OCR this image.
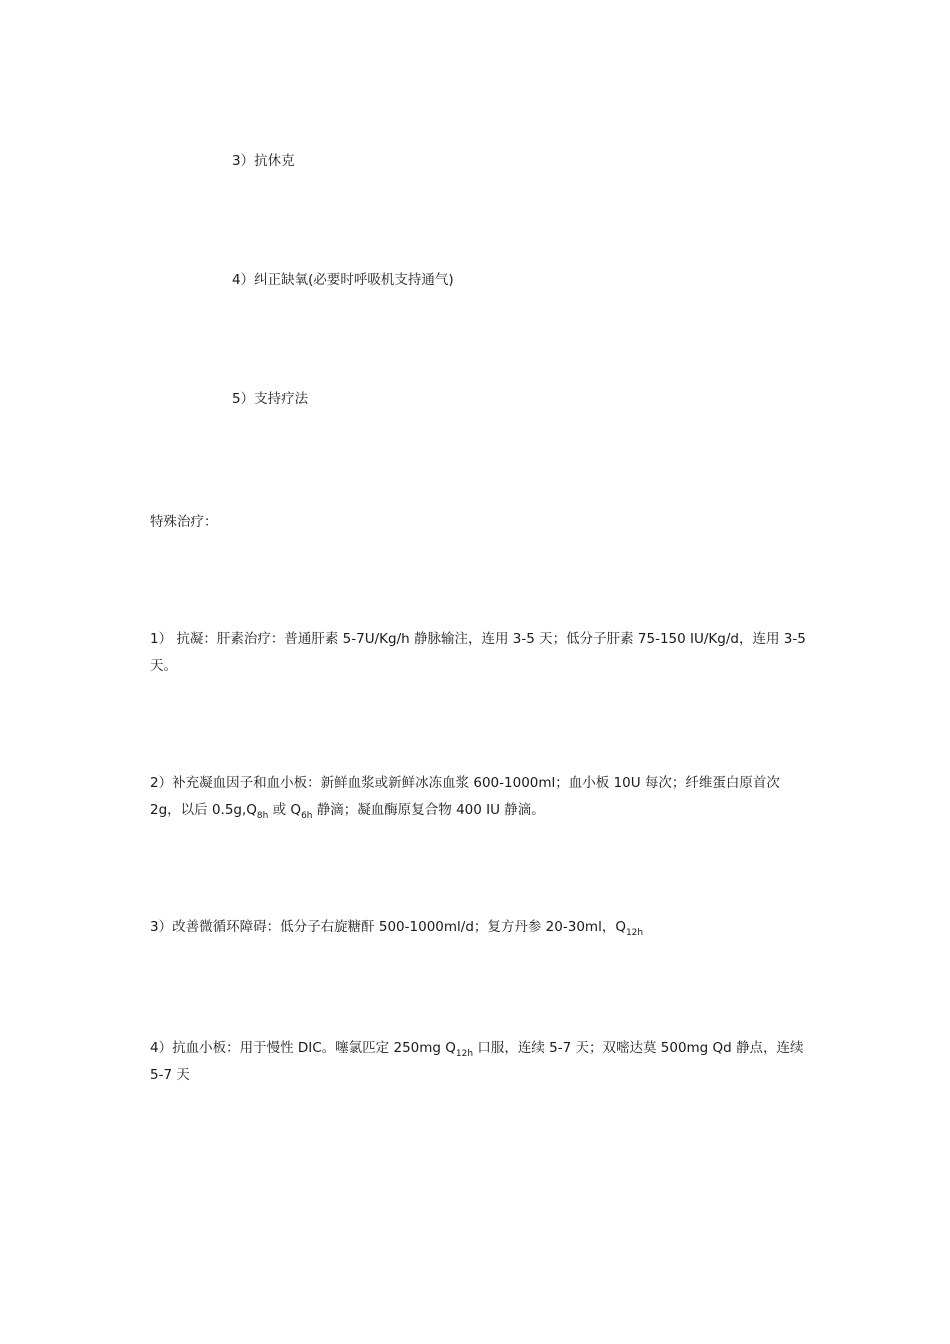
3）抗休克
4）纠正缺氧(必要时呼吸机支持通气)
5）支持疗法
特殊治疗：
1） 抗凝：肝素治疗：普通肝素 5-7U/Kg/h 静脉输注，连用 3-5 天；低分子肝素 75-150 IU/Kg/d，连用 3-5 天。
2）补充凝血因子和血小板：新鲜血浆或新鲜冰冻血浆 600-1000ml；血小板 10U 每次；纤维蛋白原首次 2g，以后 $0.5g,Q_{8h}$ 或 $Q_{6h}$ 静滴；凝血酶原复合物 400 IU 静滴。
3）改善微循环障碍：低分子右旋糖酐 500-1000ml/d；复方丹参 20-30ml，$Q_{12h}$
4）抗血小板：用于慢性 DIC。噻氯匹定 250mg $Q_{12h}$ 口服，连续 5-7 天；双嘧达莫 500mg Qd 静点，连续 5-7 天
